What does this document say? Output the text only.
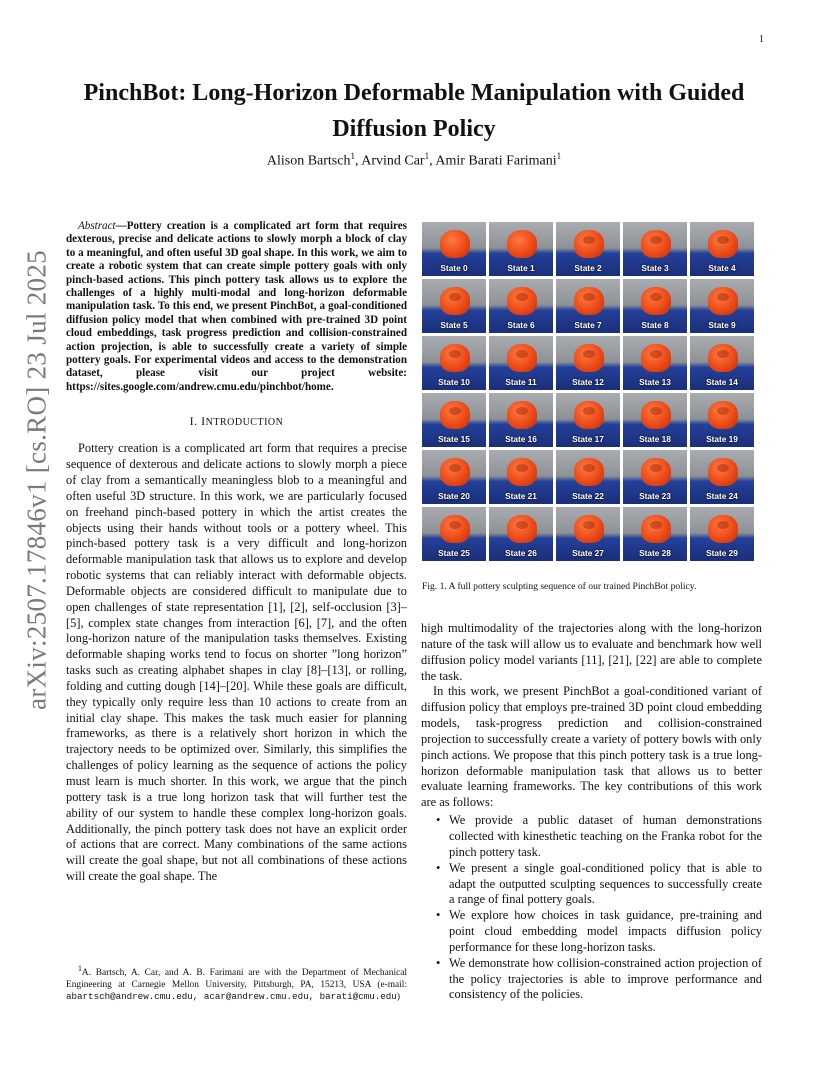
1
arXiv:2507.17846v1 [cs.RO] 23 Jul 2025
PinchBot: Long-Horizon Deformable Manipulation with Guided Diffusion Policy
Alison Bartsch$^1$, Arvind Car$^1$, Amir Barati Farimani$^1$

Abstract—Pottery creation is a complicated art form that requires dexterous, precise and delicate actions to slowly morph a block of clay to a meaningful, and often useful 3D goal shape. In this work, we aim to create a robotic system that can create simple pottery goals with only pinch-based actions. This pinch pottery task allows us to explore the challenges of a highly multi-modal and long-horizon deformable manipulation task. To this end, we present PinchBot, a goal-conditioned diffusion policy model that when combined with pre-trained 3D point cloud embeddings, task progress prediction and collision-constrained action projection, is able to successfully create a variety of simple pottery goals. For experimental videos and access to the demonstration dataset, please visit our project website: https://sites.google.com/andrew.cmu.edu/pinchbot/home.

I. INTRODUCTION

Pottery creation is a complicated art form that requires a precise sequence of dexterous and delicate actions to slowly morph a piece of clay from a semantically meaningless blob to a meaningful and often useful 3D structure. In this work, we are particularly focused on freehand pinch-based pottery in which the artist creates the objects using their hands without tools or a pottery wheel. This pinch-based pottery task is a very difficult and long-horizon deformable manipulation task that allows us to explore and develop robotic systems that can reliably interact with deformable objects. Deformable objects are considered difficult to manipulate due to open challenges of state representation [1], [2], self-occlusion [3]–[5], complex state changes from interaction [6], [7], and the often long-horizon nature of the manipulation tasks themselves. Existing deformable shaping works tend to focus on shorter ”long horizon” tasks such as creating alphabet shapes in clay [8]–[13], or rolling, folding and cutting dough [14]–[20]. While these goals are difficult, they typically only require less than 10 actions to create from an initial clay shape. This makes the task much easier for planning frameworks, as there is a relatively short horizon in which the trajectory needs to be optimized over. Similarly, this simplifies the challenges of policy learning as the sequence of actions the policy must learn is much shorter. In this work, we argue that the pinch pottery task is a true long horizon task that will further test the ability of our system to handle these complex long-horizon goals. Additionally, the pinch pottery task does not have an explicit order of actions that are correct. Many combinations of the same actions will create the goal shape, but not all combinations of these actions will create the goal shape. The

$^1$A. Bartsch, A. Car, and A. B. Farimani are with the Department of Mechanical Engineering at Carnegie Mellon University, Pittsburgh, PA, 15213, USA (e-mail: abartsch@andrew.cmu.edu, acar@andrew.cmu.edu, barati@cmu.edu)
State 0	State 1	State 2	State 3	State 4
State 5	State 6	State 7	State 8	State 9
State 10	State 11	State 12	State 13	State 14
State 15	State 16	State 17	State 18	State 19
State 20	State 21	State 22	State 23	State 24
State 25	State 26	State 27	State 28	State 29
Fig. 1. A full pottery sculpting sequence of our trained PinchBot policy.

high multimodality of the trajectories along with the long-horizon nature of the task will allow us to evaluate and benchmark how well diffusion policy model variants [11], [21], [22] are able to complete the task.

In this work, we present PinchBot a goal-conditioned variant of diffusion policy that employs pre-trained 3D point cloud embedding models, task-progress prediction and collision-constrained projection to successfully create a variety of pottery bowls with only pinch actions. We propose that this pinch pottery task is a true long-horizon deformable manipulation task that allows us to better evaluate learning frameworks. The key contributions of this work are as follows:

• We provide a public dataset of human demonstrations collected with kinesthetic teaching on the Franka robot for the pinch pottery task.
• We present a single goal-conditioned policy that is able to adapt the outputted sculpting sequences to successfully create a range of final pottery goals.
• We explore how choices in task guidance, pre-training and point cloud embedding model impacts diffusion policy performance for these long-horizon tasks.
• We demonstrate how collision-constrained action projection of the policy trajectories is able to improve performance and consistency of the policies.
